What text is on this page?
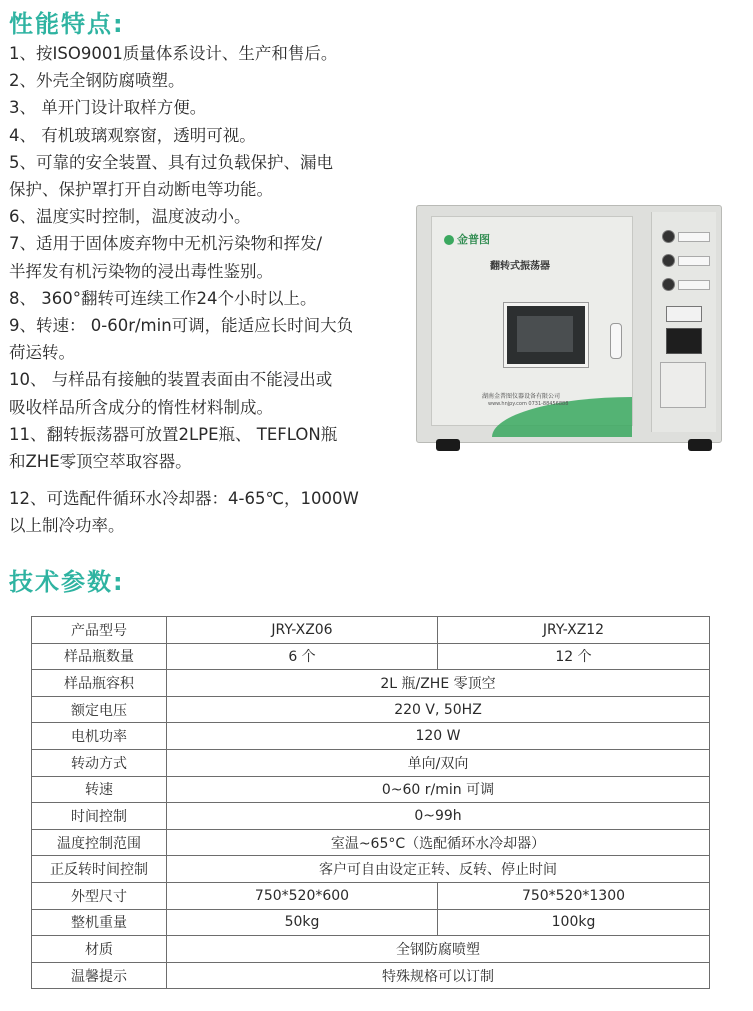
性能特点:
1、按ISO9001质量体系设计、生产和售后。
2、外壳全钢防腐喷塑。
3、 单开门设计取样方便。
4、 有机玻璃观察窗，透明可视。
5、可靠的安全装置、具有过负载保护、漏电
保护、保护罩打开自动断电等功能。
6、温度实时控制，温度波动小。
7、适用于固体废弃物中无机污染物和挥发/
半挥发有机污染物的浸出毒性鉴别。
8、 360°翻转可连续工作24个小时以上。
9、转速： 0-60r/min可调，能适应长时间大负
荷运转。
10、 与样品有接触的装置表面由不能浸出或
吸收样品所含成分的惰性材料制成。
11、翻转振荡器可放置2LPE瓶、 TEFLON瓶
和ZHE零顶空萃取容器。
12、可选配件循环水冷却器：4-65℃，1000W
以上制冷功率。
金普图
翻转式振荡器
湖南金普图仪器设备有限公司
www.hnjpy.com 0731-88456888
技术参数:
产品型号	JRY-XZ06	JRY-XZ12
样品瓶数量	6 个	12 个
样品瓶容积	2L 瓶/ZHE 零顶空	
额定电压	220 V, 50HZ	
电机功率	120 W	
转动方式	单向/双向	
转速	0~60 r/min 可调	
时间控制	0~99h	
温度控制范围	室温~65°C（选配循环水冷却器）	
正反转时间控制	客户可自由设定正转、反转、停止时间	
外型尺寸	750*520*600	750*520*1300
整机重量	50kg	100kg
材质	全钢防腐喷塑	
温馨提示	特殊规格可以订制	
